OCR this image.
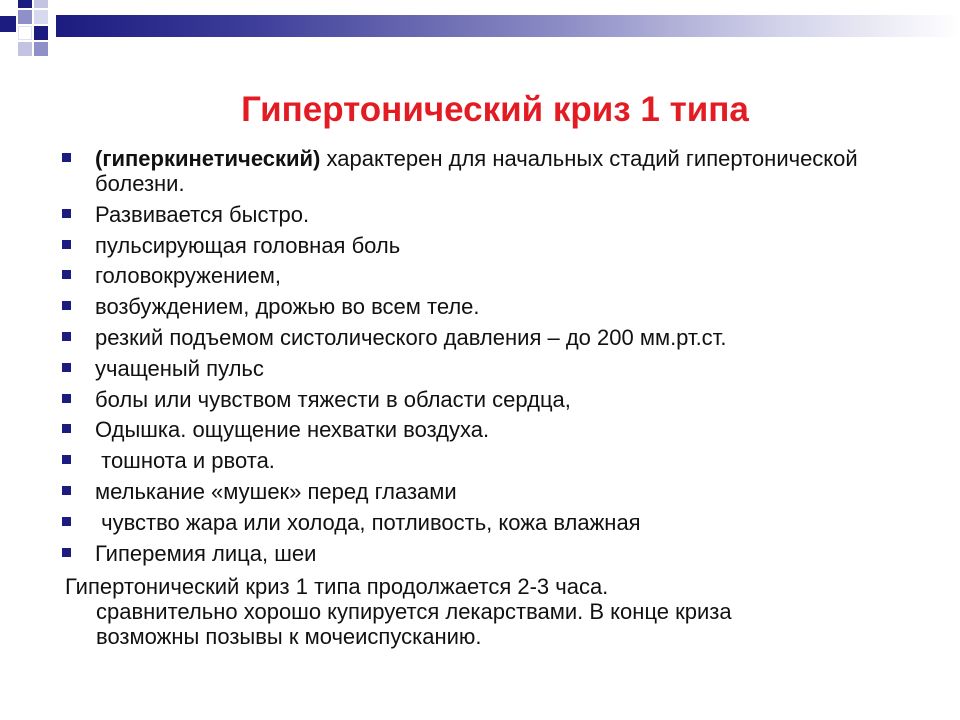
Гипертонический криз 1 типа
(гиперкинетический) характерен для начальных стадий гипертонической болезни.
Развивается быстро.
пульсирующая головная боль
головокружением,
возбуждением, дрожью во всем теле.
резкий подъемом систолического давления – до 200 мм.рт.ст.
учащеный пульс
болы или чувством тяжести в области сердца,
Одышка. ощущение нехватки воздуха.
тошнота и рвота.
мелькание «мушек» перед глазами
чувство жара или холода, потливость, кожа влажная
Гиперемия лица, шеи
Гипертонический криз 1 типа продолжается 2-3 часа.
сравнительно хорошо купируется лекарствами. В конце криза
возможны позывы к мочеиспусканию.
